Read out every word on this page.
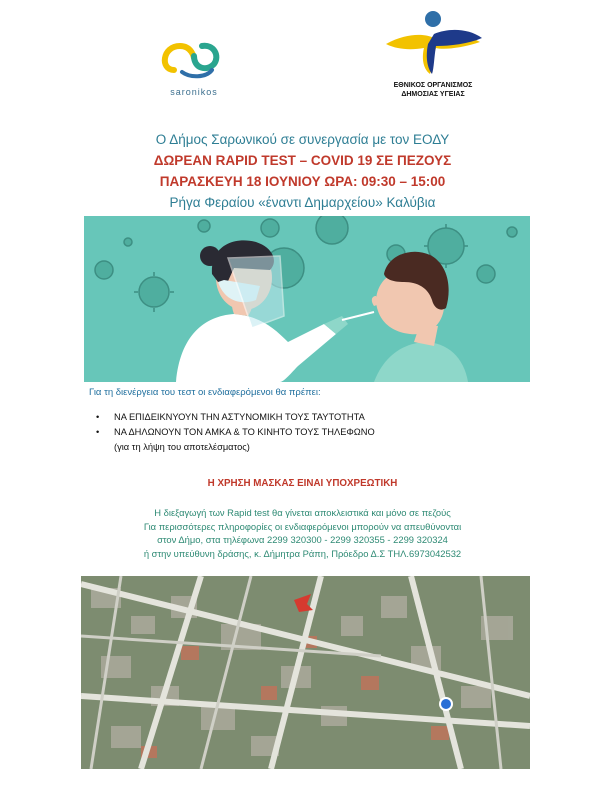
saronikos
ΕΘΝΙΚΟΣ ΟΡΓΑΝΙΣΜΟΣ
ΔΗΜΟΣΙΑΣ ΥΓΕΙΑΣ
Ο Δήμος Σαρωνικού σε συνεργασία με τον ΕΟΔΥ
ΔΩΡΕΑΝ RAPID TEST – COVID 19 ΣΕ ΠΕΖΟΥΣ
ΠΑΡΑΣΚΕΥΗ 18 ΙΟΥΝΙΟΥ ΩΡΑ: 09:30 – 15:00
Ρήγα Φεραίου «έναντι Δημαρχείου» Καλύβια
Για τη διενέργεια του τεστ οι ενδιαφερόμενοι θα πρέπει:
• ΝΑ ΕΠΙΔΕΙΚΝΥΟΥΝ ΤΗΝ ΑΣΤΥΝΟΜΙΚΗ ΤΟΥΣ ΤΑΥΤΟΤΗΤΑ
• ΝΑ ΔΗΛΩΝΟΥΝ ΤΟΝ ΑΜΚΑ & ΤΟ ΚΙΝΗΤΟ ΤΟΥΣ ΤΗΛΕΦΩΝΟ
(για τη λήψη του αποτελέσματος)
Η ΧΡΗΣΗ ΜΑΣΚΑΣ ΕΙΝΑΙ ΥΠΟΧΡΕΩΤΙΚΗ
Η διεξαγωγή των Rapid test θα γίνεται αποκλειστικά και μόνο σε πεζούς
Για περισσότερες πληροφορίες οι ενδιαφερόμενοι μπορούν να απευθύνονται
στον Δήμο, στα τηλέφωνα 2299 320300 - 2299 320355 - 2299 320324
ή στην υπεύθυνη δράσης, κ. Δήμητρα Ράπη, Πρόεδρο Δ.Σ ΤΗΛ.6973042532
